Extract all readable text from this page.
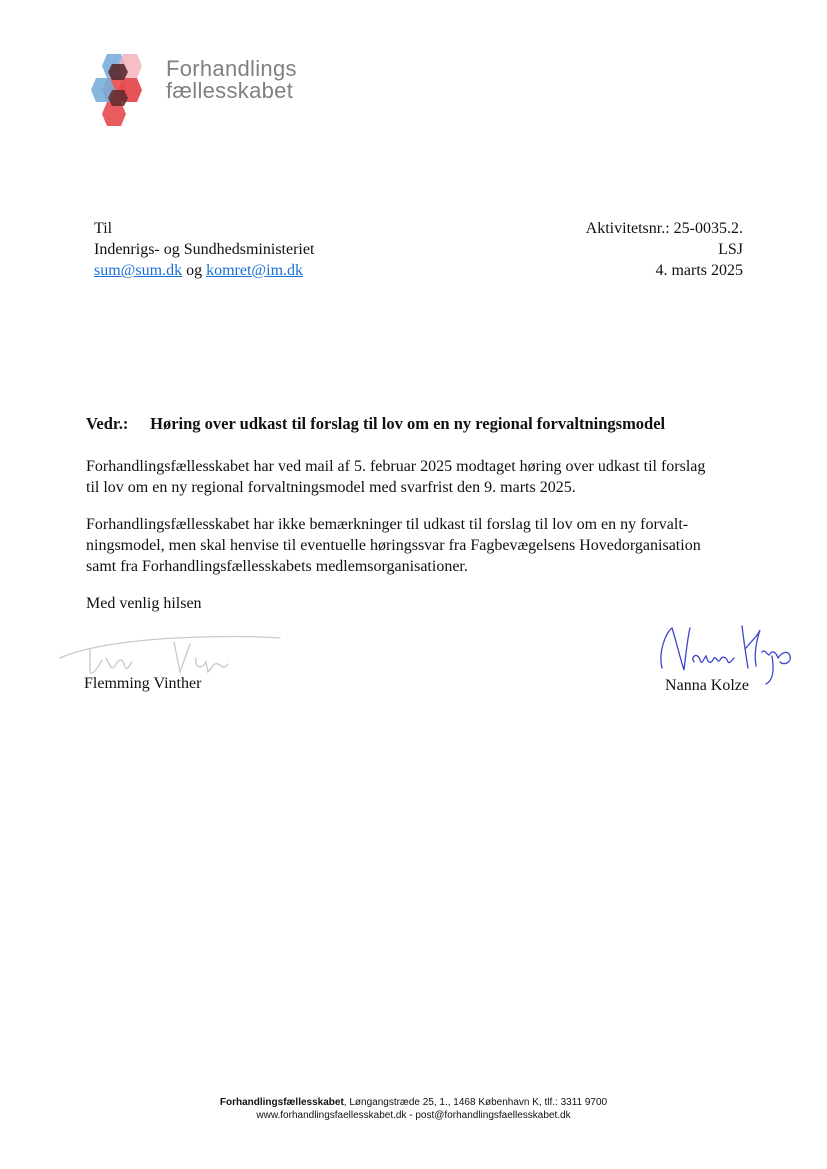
Forhandlings
fællesskabet
Til
Indenrigs- og Sundhedsministeriet
sum@sum.dk og komret@im.dk
Aktivitetsnr.: 25-0035.2.
LSJ
4. marts 2025
Vedr.: Høring over udkast til forslag til lov om en ny regional forvaltningsmodel
Forhandlingsfællesskabet har ved mail af 5. februar 2025 modtaget høring over udkast til forslag
til lov om en ny regional forvaltningsmodel med svarfrist den 9. marts 2025.
Forhandlingsfællesskabet har ikke bemærkninger til udkast til forslag til lov om en ny forvalt-
ningsmodel, men skal henvise til eventuelle høringssvar fra Fagbevægelsens Hovedorganisation
samt fra Forhandlingsfællesskabets medlemsorganisationer.
Med venlig hilsen
Flemming Vinther	Nanna Kolze
Forhandlingsfællesskabet, Løngangstræde 25, 1., 1468 København K, tlf.: 3311 9700
www.forhandlingsfaellesskabet.dk - post@forhandlingsfaellesskabet.dk
